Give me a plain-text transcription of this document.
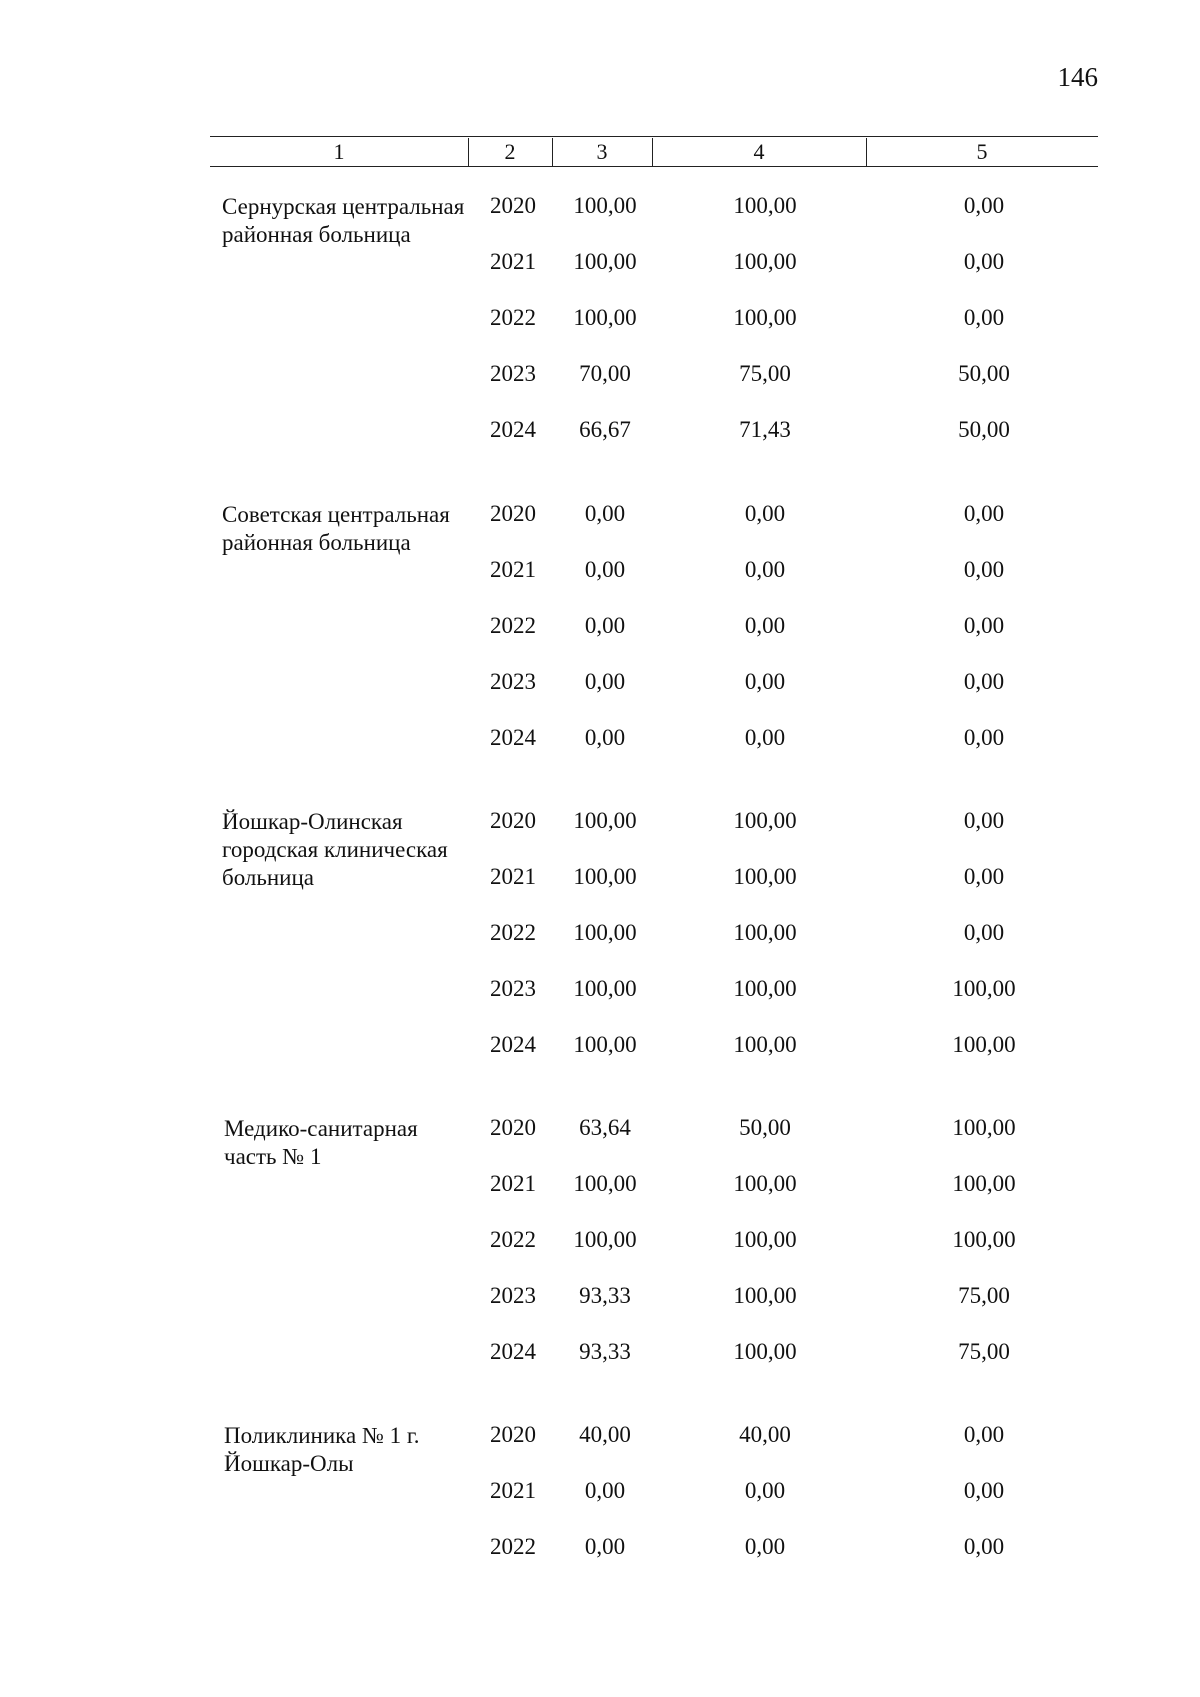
146
1	2	3	4	5
Сернурская центральная районная больница
2020	100,00	100,00	0,00
2021	100,00	100,00	0,00
2022	100,00	100,00	0,00
2023	70,00	75,00	50,00
2024	66,67	71,43	50,00
Советская центральная районная больница
2020	0,00	0,00	0,00
2021	0,00	0,00	0,00
2022	0,00	0,00	0,00
2023	0,00	0,00	0,00
2024	0,00	0,00	0,00
Йошкар-Олинская городская клиническая больница
2020	100,00	100,00	0,00
2021	100,00	100,00	0,00
2022	100,00	100,00	0,00
2023	100,00	100,00	100,00
2024	100,00	100,00	100,00
Медико-санитарная часть № 1
2020	63,64	50,00	100,00
2021	100,00	100,00	100,00
2022	100,00	100,00	100,00
2023	93,33	100,00	75,00
2024	93,33	100,00	75,00
Поликлиника № 1 г. Йошкар-Олы
2020	40,00	40,00	0,00
2021	0,00	0,00	0,00
2022	0,00	0,00	0,00
